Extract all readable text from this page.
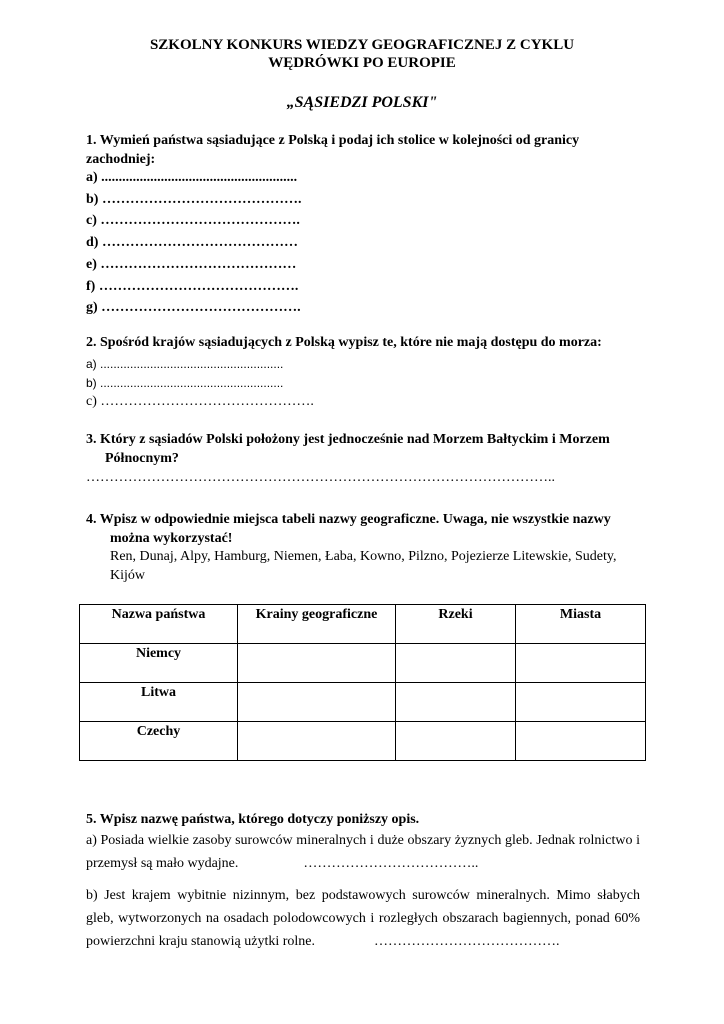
SZKOLNY KONKURS WIEDZY GEOGRAFICZNEJ Z CYKLU
WĘDRÓWKI PO EUROPIE
„SĄSIEDZI POLSKI"
1. Wymień państwa sąsiadujące z Polską i podaj ich stolice w kolejności od granicy zachodniej:
a) ........................................................
b) …………………………………….
c) …………………………………….
d) ……………………………………
e) ……………………………………
f) …………………………………….
g) …………………………………….
2. Spośród krajów sąsiadujących z Polską wypisz te, które nie mają dostępu do morza:
a) .......................................................
b) .......................................................
c) ……………………………………….
3. Który z sąsiadów Polski położony jest jednocześnie nad Morzem Bałtyckim i Morzem
Północnym?
………………………………………………………………………………………..
4. Wpisz w odpowiednie miejsca tabeli nazwy geograficzne. Uwaga, nie wszystkie nazwy
można wykorzystać!
Ren, Dunaj, Alpy, Hamburg, Niemen, Łaba, Kowno, Pilzno, Pojezierze Litewskie, Sudety, Kijów
Nazwa państwa	Krainy geograficzne	Rzeki	Miasta
Niemcy			
Litwa			
Czechy			
5. Wpisz nazwę państwa, którego dotyczy poniższy opis.
a) Posiada wielkie zasoby surowców mineralnych i duże obszary żyznych gleb. Jednak rolnictwo i przemysł są mało wydajne.	………………………………..
b) Jest krajem wybitnie nizinnym, bez podstawowych surowców mineralnych. Mimo słabych gleb, wytworzonych na osadach polodowcowych i rozległych obszarach bagiennych, ponad 60% powierzchni kraju stanowią użytki rolne.	………………………………….
